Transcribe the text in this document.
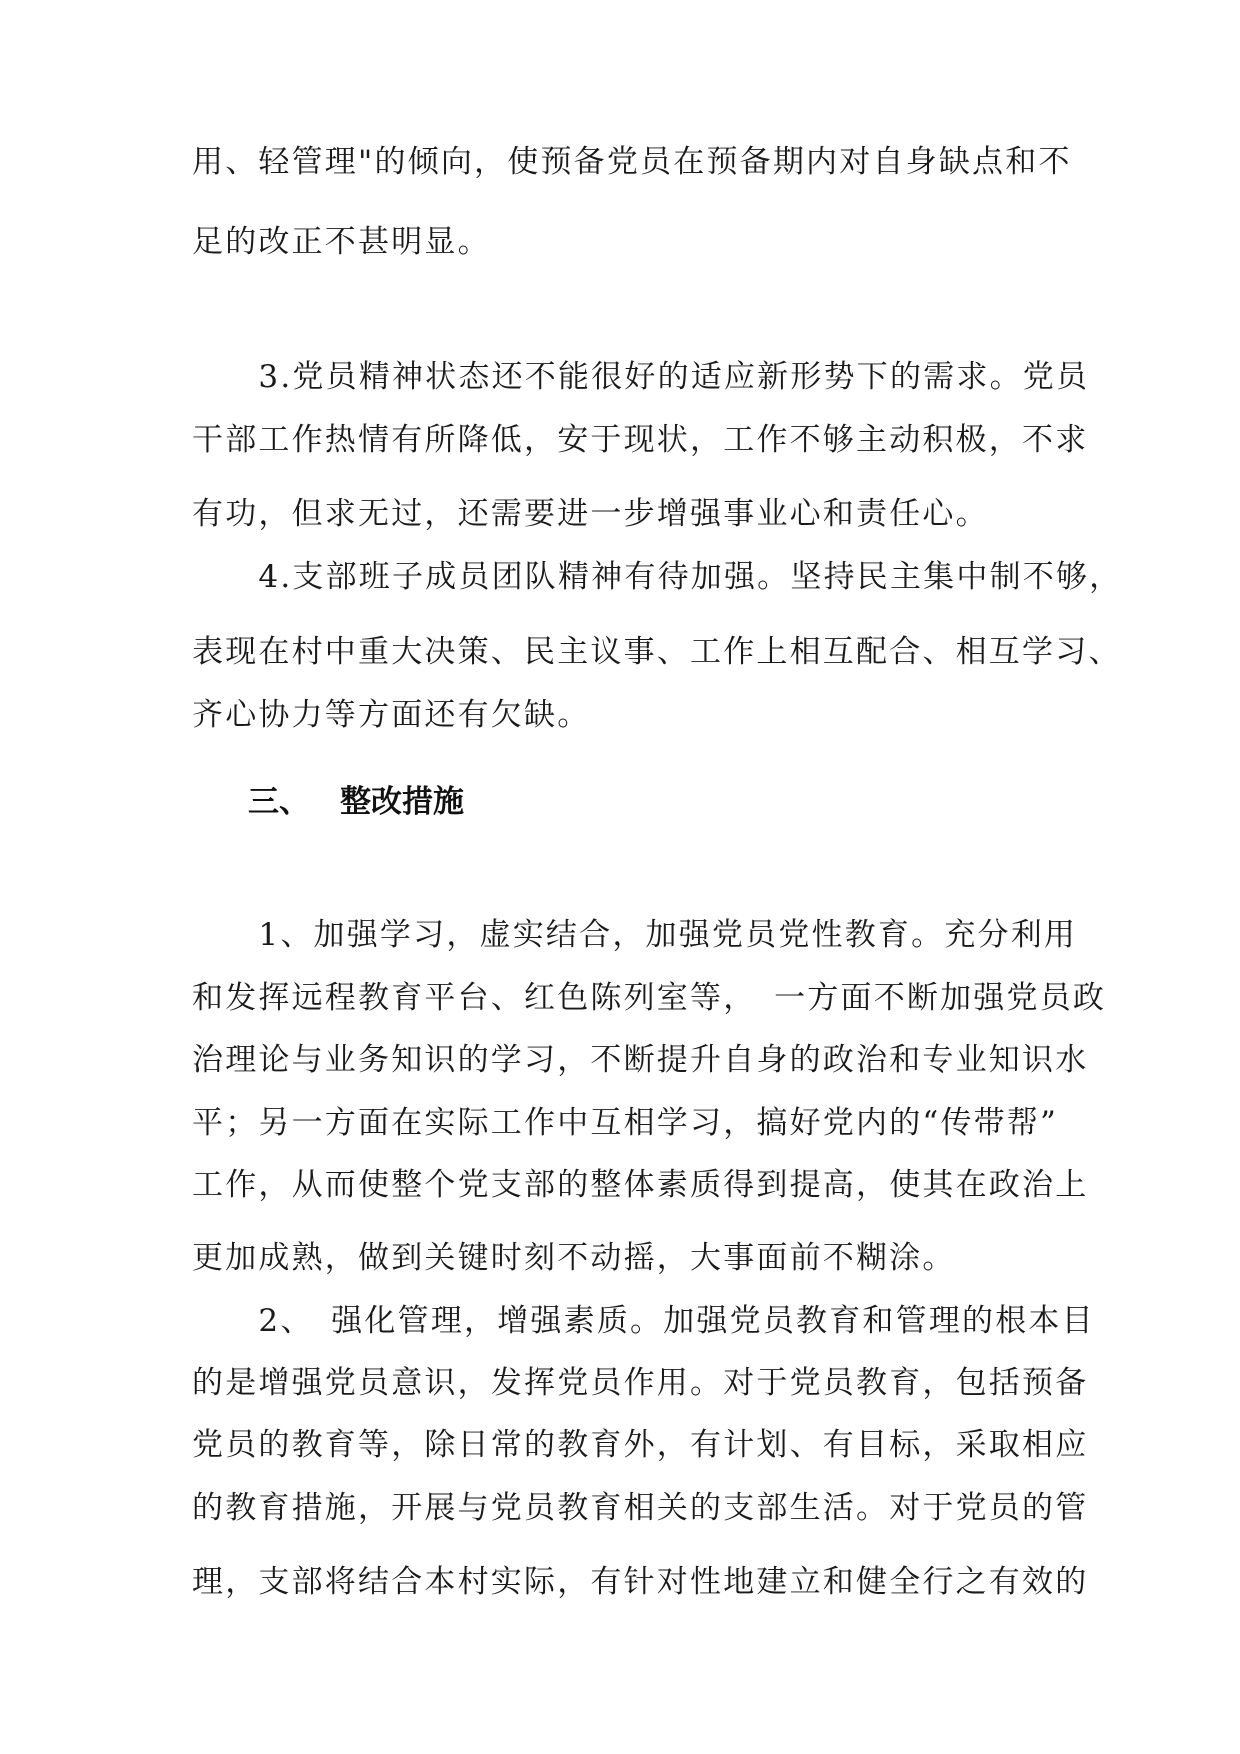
用、轻管理"的倾向，使预备党员在预备期内对自身缺点和不
足的改正不甚明显。
　　3.党员精神状态还不能很好的适应新形势下的需求。党员
干部工作热情有所降低，安于现状，工作不够主动积极，不求
有功，但求无过，还需要进一步增强事业心和责任心。
　　4.支部班子成员团队精神有待加强。坚持民主集中制不够，
表现在村中重大决策、民主议事、工作上相互配合、相互学习、
齐心协力等方面还有欠缺。
三、 整改措施
　　1、加强学习，虚实结合，加强党员党性教育。充分利用
和发挥远程教育平台、红色陈列室等，　一方面不断加强党员政
治理论与业务知识的学习，不断提升自身的政治和专业知识水
平；另一方面在实际工作中互相学习，搞好党内的“传带帮”
工作，从而使整个党支部的整体素质得到提高，使其在政治上
更加成熟，做到关键时刻不动摇，大事面前不糊涂。
　　2、　强化管理，增强素质。加强党员教育和管理的根本目
的是增强党员意识，发挥党员作用。对于党员教育，包括预备
党员的教育等，除日常的教育外，有计划、有目标，采取相应
的教育措施，开展与党员教育相关的支部生活。对于党员的管
理，支部将结合本村实际，有针对性地建立和健全行之有效的
